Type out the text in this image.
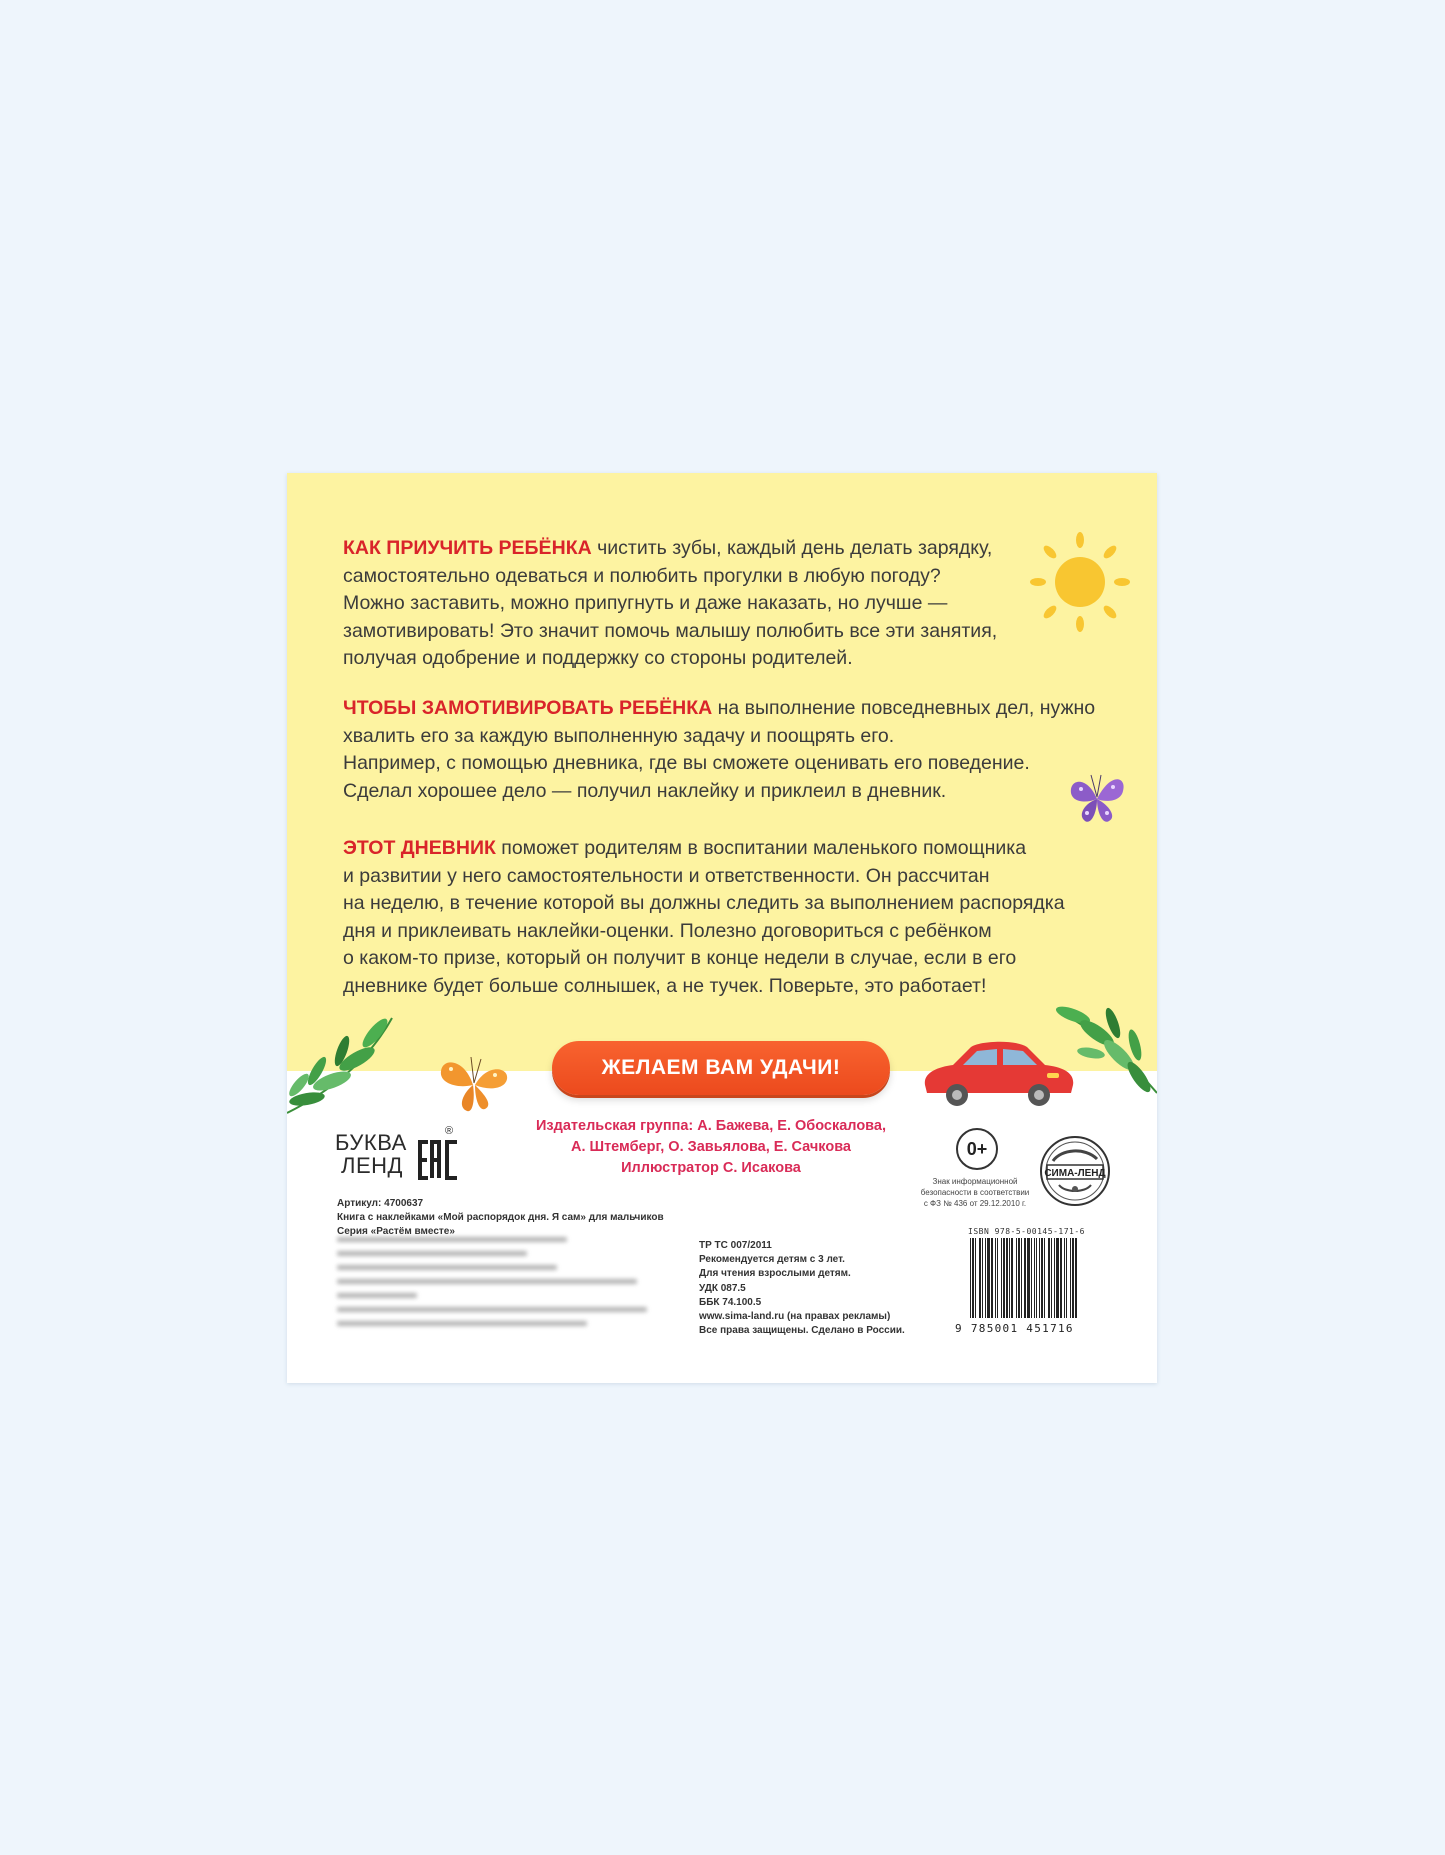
КАК ПРИУЧИТЬ РЕБЁНКА чистить зубы, каждый день делать зарядку,
самостоятельно одеваться и полюбить прогулки в любую погоду?
Можно заставить, можно припугнуть и даже наказать, но лучше —
замотивировать! Это значит помочь малышу полюбить все эти занятия,
получая одобрение и поддержку со стороны родителей.

ЧТОБЫ ЗАМОТИВИРОВАТЬ РЕБЁНКА на выполнение повседневных дел, нужно
хвалить его за каждую выполненную задачу и поощрять его.
Например, с помощью дневника, где вы сможете оценивать его поведение.
Сделал хорошее дело — получил наклейку и приклеил в дневник.

ЭТОТ ДНЕВНИК поможет родителям в воспитании маленького помощника
и развитии у него самостоятельности и ответственности. Он рассчитан
на неделю, в течение которой вы должны следить за выполнением распорядка
дня и приклеивать наклейки-оценки. Полезно договориться с ребёнком
о каком-то призе, который он получит в конце недели в случае, если в его
дневнике будет больше солнышек, а не тучек. Поверьте, это работает!

ЖЕЛАЕМ ВАМ УДАЧИ!
Издательская группа: А. Бажева, Е. Обоскалова,
А. Штемберг, О. Завьялова, Е. Сачкова
Иллюстратор С. Исакова
БУКВА
ЛЕНД
®
Артикул: 4700637
Книга с наклейками «Мой распорядок дня. Я сам» для мальчиков
Серия «Растём вместе»
ТР ТС 007/2011
Рекомендуется детям с 3 лет.
Для чтения взрослыми детям.
УДК 087.5
ББК 74.100.5
www.sima-land.ru (на правах рекламы)
Все права защищены. Сделано в России.
0+
Знак информационной
безопасности в соответствии
с ФЗ № 436 от 29.12.2010 г.
СИМА-ЛЕНД
ISBN 978-5-00145-171-6
9 785001 451716
